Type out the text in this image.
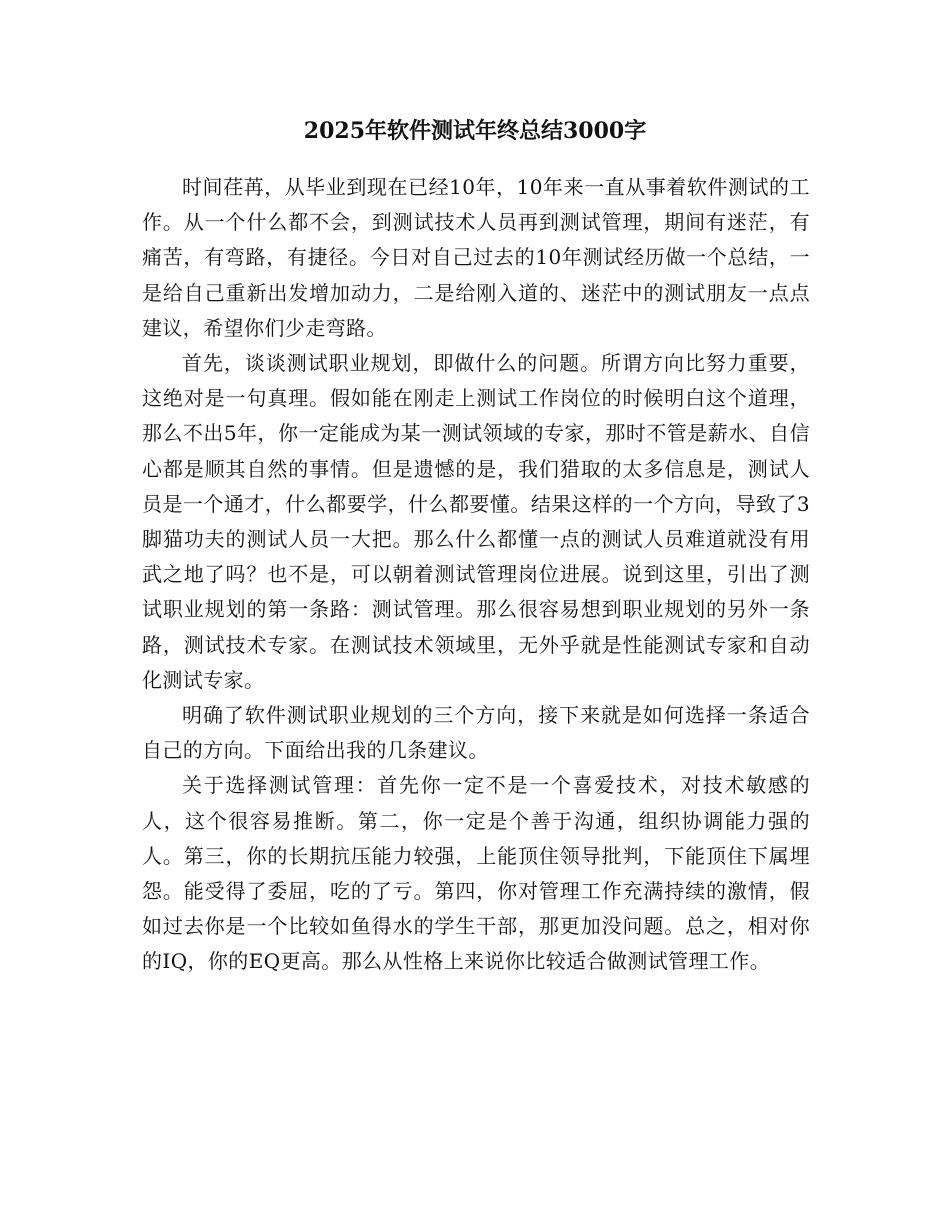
2025年软件测试年终总结3000字

时间荏苒，从毕业到现在已经10年，10年来一直从事着软件测试的工作。从一个什么都不会，到测试技术人员再到测试管理，期间有迷茫，有痛苦，有弯路，有捷径。今日对自己过去的10年测试经历做一个总结，一是给自己重新出发增加动力，二是给刚入道的、迷茫中的测试朋友一点点建议，希望你们少走弯路。

首先，谈谈测试职业规划，即做什么的问题。所谓方向比努力重要，这绝对是一句真理。假如能在刚走上测试工作岗位的时候明白这个道理，那么不出5年，你一定能成为某一测试领域的专家，那时不管是薪水、自信心都是顺其自然的事情。但是遗憾的是，我们猎取的太多信息是，测试人员是一个通才，什么都要学，什么都要懂。结果这样的一个方向，导致了3脚猫功夫的测试人员一大把。那么什么都懂一点的测试人员难道就没有用武之地了吗？也不是，可以朝着测试管理岗位进展。说到这里，引出了测试职业规划的第一条路：测试管理。那么很容易想到职业规划的另外一条路，测试技术专家。在测试技术领域里，无外乎就是性能测试专家和自动化测试专家。

明确了软件测试职业规划的三个方向，接下来就是如何选择一条适合自己的方向。下面给出我的几条建议。

关于选择测试管理：首先你一定不是一个喜爱技术，对技术敏感的人，这个很容易推断。第二，你一定是个善于沟通，组织协调能力强的人。第三，你的长期抗压能力较强，上能顶住领导批判，下能顶住下属埋怨。能受得了委屈，吃的了亏。第四，你对管理工作充满持续的激情，假如过去你是一个比较如鱼得水的学生干部，那更加没问题。总之，相对你的IQ，你的EQ更高。那么从性格上来说你比较适合做测试管理工作。
